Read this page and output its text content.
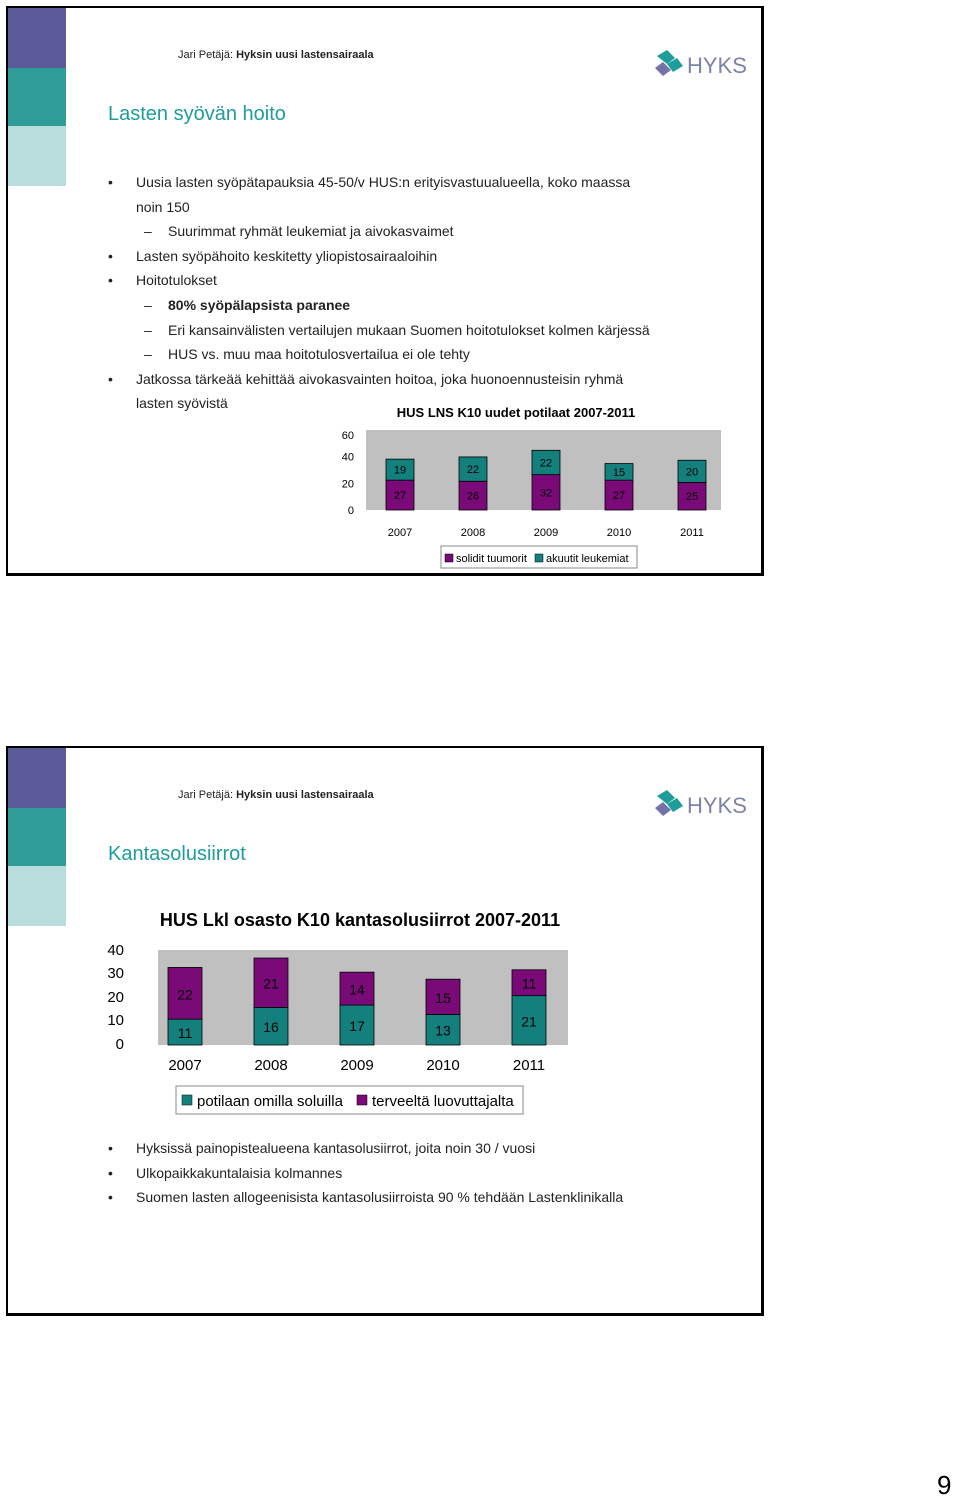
Jari Petäjä: Hyksin uusi lastensairaala	HYKS
Lasten syövän hoito
• Uusia lasten syöpätapauksia 45-50/v HUS:n erityisvastuualueella, koko maassa
noin 150
– Suurimmat ryhmät leukemiat ja aivokasvaimet
• Lasten syöpähoito keskitetty yliopistosairaaloihin
• Hoitotulokset
– 80% syöpälapsista paranee
– Eri kansainvälisten vertailujen mukaan Suomen hoitotulokset kolmen kärjessä
– HUS vs. muu maa hoitotulosvertailua ei ole tehty
• Jatkossa tärkeää kehittää aivokasvainten hoitoa, joka huonoennusteisin ryhmä
lasten syövistä
HUS LNS K10 uudet potilaat 2007-2011
60
40
20
0
27
19
26
22
32
22
27
15
25
20
2007	2008	2009	2010	2011
solidit tuumorit akuutit leukemiat
Jari Petäjä: Hyksin uusi lastensairaala	HYKS
Kantasolusiirrot
HUS Lkl osasto K10 kantasolusiirrot 2007-2011
40
30
20
10
0
11
22
16
21
17
14
13
15
21
11
2007	2008	2009	2010	2011
potilaan omilla soluilla terveeltä luovuttajalta
• Hyksissä painopistealueena kantasolusiirrot, joita noin 30 / vuosi
• Ulkopaikkakuntalaisia kolmannes
• Suomen lasten allogeenisista kantasolusiirroista 90 % tehdään Lastenklinikalla
9
